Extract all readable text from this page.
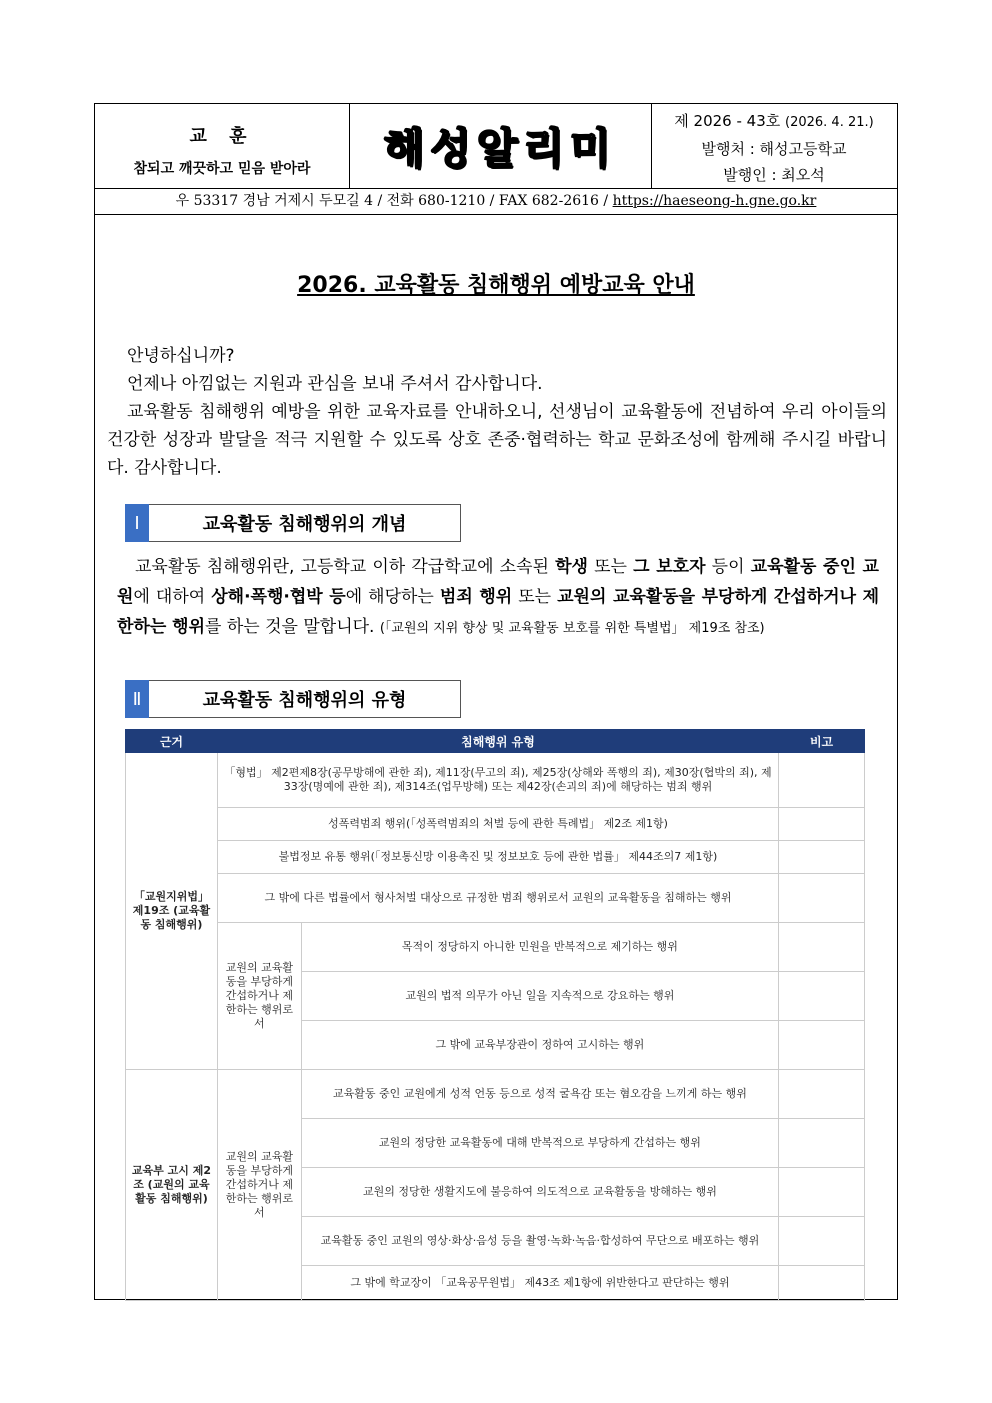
교 훈
참되고 깨끗하고 믿음 받아라	해성알리미
제 2026 - 43호 (2026. 4. 21.)
발행처 : 해성고등학교
발행인 : 최오석
우 53317 경남 거제시 두모길 4 / 전화 680-1210 / FAX 682-2616 / https://haeseong-h.gne.go.kr
2026. 교육활동 침해행위 예방교육 안내

안녕하십니까?

언제나 아낌없는 지원과 관심을 보내 주셔서 감사합니다.

교육활동 침해행위 예방을 위한 교육자료를 안내하오니, 선생님이 교육활동에 전념하여 우리 아이들의 건강한 성장과 발달을 적극 지원할 수 있도록 상호 존중·협력하는 학교 문화조성에 함께해 주시길 바랍니다. 감사합니다.

Ⅰ	교육활동 침해행위의 개념

교육활동 침해행위란, 고등학교 이하 각급학교에 소속된 학생 또는 그 보호자 등이 교육활동 중인 교원에 대하여 상해·폭행·협박 등에 해당하는 범죄 행위 또는 교원의 교육활동을 부당하게 간섭하거나 제한하는 행위를 하는 것을 말합니다. (「교원의 지위 향상 및 교육활동 보호를 위한 특별법」 제19조 참조)

Ⅱ	교육활동 침해행위의 유형
근거	침해행위 유형		비고
「교원지위법」 제19조 (교육활동 침해행위)	「형법」 제2편제8장(공무방해에 관한 죄), 제11장(무고의 죄), 제25장(상해와 폭행의 죄), 제30장(협박의 죄), 제33장(명예에 관한 죄), 제314조(업무방해) 또는 제42장(손괴의 죄)에 해당하는 범죄 행위		
	성폭력범죄 행위(「성폭력범죄의 처벌 등에 관한 특례법」 제2조 제1항)		
	불법정보 유통 행위(「정보통신망 이용촉진 및 정보보호 등에 관한 법률」 제44조의7 제1항)		
	그 밖에 다른 법률에서 형사처벌 대상으로 규정한 범죄 행위로서 교원의 교육활동을 침해하는 행위		
	교원의 교육활동을 부당하게 간섭하거나 제한하는 행위로서	목적이 정당하지 아니한 민원을 반복적으로 제기하는 행위	
		교원의 법적 의무가 아닌 일을 지속적으로 강요하는 행위	
		그 밖에 교육부장관이 정하여 고시하는 행위	
교육부 고시 제2조 (교원의 교육활동 침해행위)	교원의 교육활동을 부당하게 간섭하거나 제한하는 행위로서	교육활동 중인 교원에게 성적 언동 등으로 성적 굴욕감 또는 혐오감을 느끼게 하는 행위	
		교원의 정당한 교육활동에 대해 반복적으로 부당하게 간섭하는 행위	
		교원의 정당한 생활지도에 불응하여 의도적으로 교육활동을 방해하는 행위	
		교육활동 중인 교원의 영상·화상·음성 등을 촬영·녹화·녹음·합성하여 무단으로 배포하는 행위	
		그 밖에 학교장이 「교육공무원법」 제43조 제1항에 위반한다고 판단하는 행위	
